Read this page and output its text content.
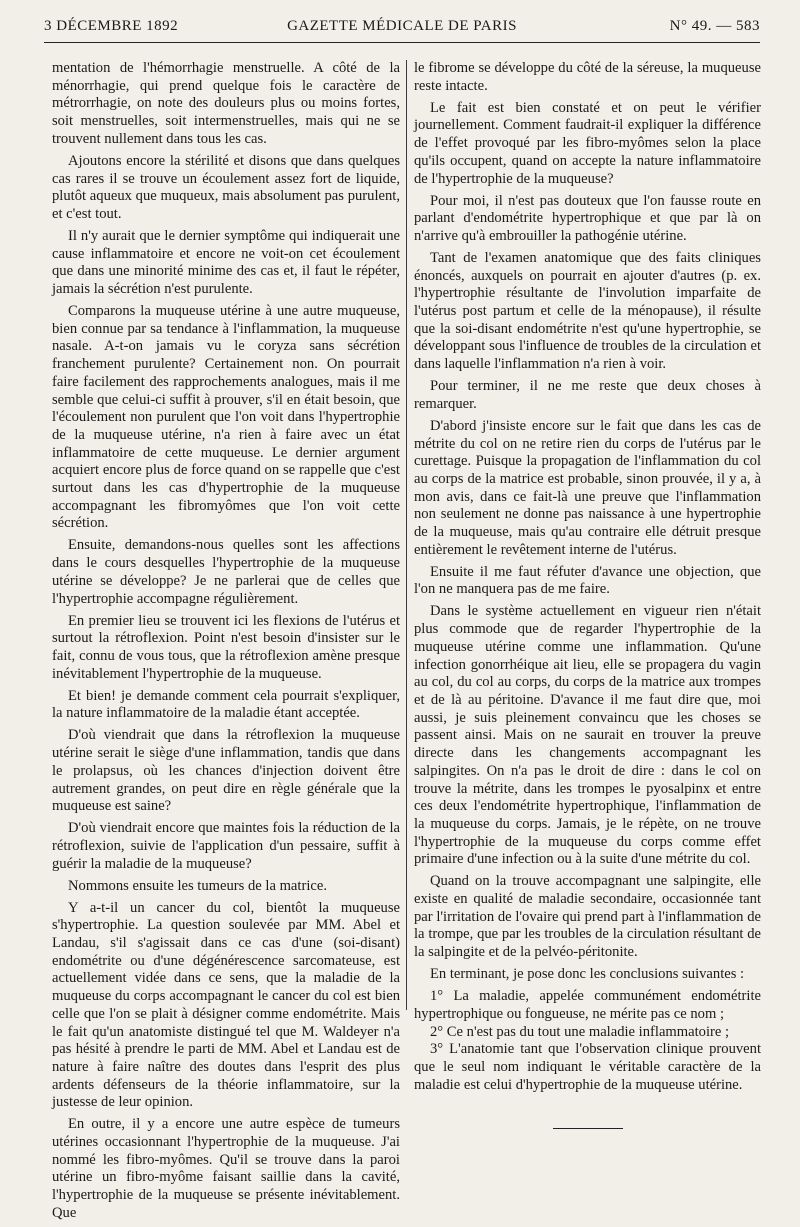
3 DÉCEMBRE 1892	GAZETTE MÉDICALE DE PARIS	N° 49. — 583

mentation de l'hémorrhagie menstruelle. A côté de la ménorrhagie, qui prend quelque fois le caractère de métrorrhagie, on note des douleurs plus ou moins fortes, soit menstruelles, soit intermenstruelles, mais qui ne se trouvent nullement dans tous les cas.

Ajoutons encore la stérilité et disons que dans quelques cas rares il se trouve un écoulement assez fort de liquide, plutôt aqueux que muqueux, mais absolument pas purulent, et c'est tout.

Il n'y aurait que le dernier symptôme qui indiquerait une cause inflammatoire et encore ne voit-on cet écoulement que dans une minorité minime des cas et, il faut le répéter, jamais la sécrétion n'est purulente.

Comparons la muqueuse utérine à une autre muqueuse, bien connue par sa tendance à l'inflammation, la muqueuse nasale. A-t-on jamais vu le coryza sans sécrétion franchement purulente? Certainement non. On pourrait faire facilement des rapprochements analogues, mais il me semble que celui-ci suffit à prouver, s'il en était besoin, que l'écoulement non purulent que l'on voit dans l'hypertrophie de la muqueuse utérine, n'a rien à faire avec un état inflammatoire de cette muqueuse. Le dernier argument acquiert encore plus de force quand on se rappelle que c'est surtout dans les cas d'hypertrophie de la muqueuse accompagnant les fibromyômes que l'on voit cette sécrétion.

Ensuite, demandons-nous quelles sont les affections dans le cours desquelles l'hypertrophie de la muqueuse utérine se développe? Je ne parlerai que de celles que l'hypertrophie accompagne régulièrement.

En premier lieu se trouvent ici les flexions de l'utérus et surtout la rétroflexion. Point n'est besoin d'insister sur le fait, connu de vous tous, que la rétroflexion amène presque inévitablement l'hypertrophie de la muqueuse.

Et bien! je demande comment cela pourrait s'expliquer, la nature inflammatoire de la maladie étant acceptée.

D'où viendrait que dans la rétroflexion la muqueuse utérine serait le siège d'une inflammation, tandis que dans le prolapsus, où les chances d'injection doivent être autrement grandes, on peut dire en règle générale que la muqueuse est saine?

D'où viendrait encore que maintes fois la réduction de la rétroflexion, suivie de l'application d'un pessaire, suffit à guérir la maladie de la muqueuse?

Nommons ensuite les tumeurs de la matrice.

Y a-t-il un cancer du col, bientôt la muqueuse s'hypertrophie. La question soulevée par MM. Abel et Landau, s'il s'agissait dans ce cas d'une (soi-disant) endométrite ou d'une dégénérescence sarcomateuse, est actuellement vidée dans ce sens, que la maladie de la muqueuse du corps accompagnant le cancer du col est bien celle que l'on se plait à désigner comme endométrite. Mais le fait qu'un anatomiste distingué tel que M. Waldeyer n'a pas hésité à prendre le parti de MM. Abel et Landau est de nature à faire naître des doutes dans l'esprit des plus ardents défenseurs de la théorie inflammatoire, sur la justesse de leur opinion.

En outre, il y a encore une autre espèce de tumeurs utérines occasionnant l'hypertrophie de la muqueuse. J'ai nommé les fibro-myômes. Qu'il se trouve dans la paroi utérine un fibro-myôme faisant saillie dans la cavité, l'hypertrophie de la muqueuse se présente inévitablement. Que

le fibrome se développe du côté de la séreuse, la muqueuse reste intacte.

Le fait est bien constaté et on peut le vérifier journellement. Comment faudrait-il expliquer la différence de l'effet provoqué par les fibro-myômes selon la place qu'ils occupent, quand on accepte la nature inflammatoire de l'hypertrophie de la muqueuse?

Pour moi, il n'est pas douteux que l'on fausse route en parlant d'endométrite hypertrophique et que par là on n'arrive qu'à embrouiller la pathogénie utérine.

Tant de l'examen anatomique que des faits cliniques énoncés, auxquels on pourrait en ajouter d'autres (p. ex. l'hypertrophie résultante de l'involution imparfaite de l'utérus post partum et celle de la ménopause), il résulte que la soi-disant endométrite n'est qu'une hypertrophie, se développant sous l'influence de troubles de la circulation et dans laquelle l'inflammation n'a rien à voir.

Pour terminer, il ne me reste que deux choses à remarquer.

D'abord j'insiste encore sur le fait que dans les cas de métrite du col on ne retire rien du corps de l'utérus par le curettage. Puisque la propagation de l'inflammation du col au corps de la matrice est probable, sinon prouvée, il y a, à mon avis, dans ce fait-là une preuve que l'inflammation non seulement ne donne pas naissance à une hypertrophie de la muqueuse, mais qu'au contraire elle détruit presque entièrement le revêtement interne de l'utérus.

Ensuite il me faut réfuter d'avance une objection, que l'on ne manquera pas de me faire.

Dans le système actuellement en vigueur rien n'était plus commode que de regarder l'hypertrophie de la muqueuse utérine comme une inflammation. Qu'une infection gonorrhéique ait lieu, elle se propagera du vagin au col, du col au corps, du corps de la matrice aux trompes et de là au péritoine. D'avance il me faut dire que, moi aussi, je suis pleinement convaincu que les choses se passent ainsi. Mais on ne saurait en trouver la preuve directe dans les changements accompagnant les salpingites. On n'a pas le droit de dire : dans le col on trouve la métrite, dans les trompes le pyosalpinx et entre ces deux l'endométrite hypertrophique, l'inflammation de la muqueuse du corps. Jamais, je le répète, on ne trouve l'hypertrophie de la muqueuse du corps comme effet primaire d'une infection ou à la suite d'une métrite du col.

Quand on la trouve accompagnant une salpingite, elle existe en qualité de maladie secondaire, occasionnée tant par l'irritation de l'ovaire qui prend part à l'inflammation de la trompe, que par les troubles de la circulation résultant de la salpingite et de la pelvéo-péritonite.

En terminant, je pose donc les conclusions suivantes :

1° La maladie, appelée communément endométrite hypertrophique ou fongueuse, ne mérite pas ce nom ;

2° Ce n'est pas du tout une maladie inflammatoire ;

3° L'anatomie tant que l'observation clinique prouvent que le seul nom indiquant le véritable caractère de la maladie est celui d'hypertrophie de la muqueuse utérine.
